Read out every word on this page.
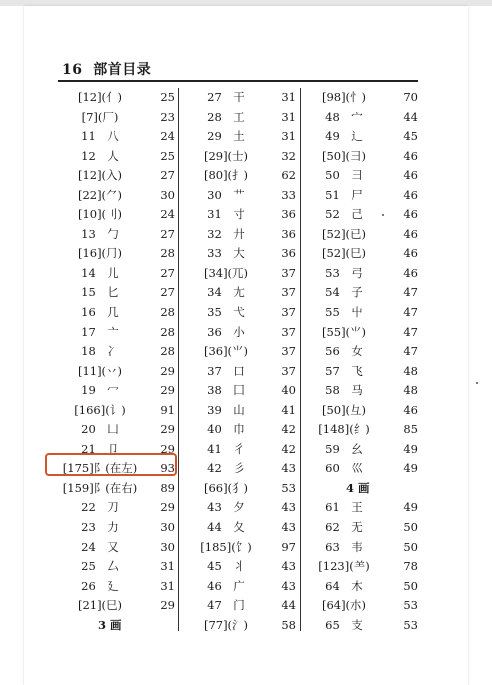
16 部首目录
[12](亻)	25
[7](厂)	23
11　八	24
12　人	25
[12](入)	27
[22](⺈)	30
[10](刂)	24
13　勹	27
[16](⺆)	28
14　儿	27
15　匕	27
16　几	28
17　亠	28
18　冫	28
[11](丷)	29
19　冖	29
[166](讠)	91
20　凵	29
21　卩	29
[175]阝(在左)	93
[159]阝(在右)	89
22　刀	29
23　力	30
24　又	30
25　厶	31
26　廴	31
[21](巳)	29
3 画
27　干	31
28　工	31
29　土	31
[29](士)	32
[80](扌)	62
30　艹	33
31　寸	36
32　廾	36
33　大	36
[34](兀)	37
34　尢	37
35　弋	37
36　小	37
[36](⺌)	37
37　口	37
38　囗	40
39　山	41
40　巾	42
41　彳	42
42　彡	43
[66](犭)	53
43　夕	43
44　夂	43
[185](饣)	97
45　丬	43
46　广	43
47　门	44
[77](氵)	58
[98](忄)	70
48　宀	44
49　辶	45
[50](⺕)	46
50　彐	46
51　尸	46
52　己	46
[52](已)	46
[52](巳)	46
53　弓	46
54　子	47
55　屮	47
[55](⺌)	47
56　女	47
57　飞	48
58　马	48
[50](彑)	46
[148](纟)	85
59　幺	49
60　巛	49
4 画
61　王	49
62　无	50
63　韦	50
[123](⺷)	78
64　木	50
[64](朩)	53
65　支	53
